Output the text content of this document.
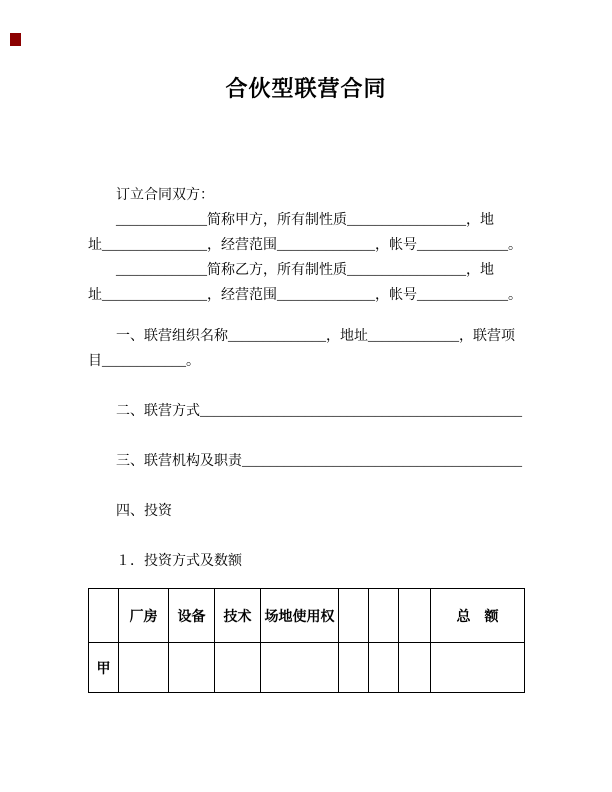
合伙型联营合同
订立合同双方：
_____________简称甲方，所有制性质_________________，地
址_______________，经营范围______________，帐号_____________。
_____________简称乙方，所有制性质_________________，地
址_______________，经营范围______________，帐号_____________。
一、联营组织名称______________，地址_____________，联营项
目____________。
二、联营方式______________________________________________
三、联营机构及职责________________________________________
四、投资
１．投资方式及数额
	厂房	设备	技术	场地使用权				总　额
甲								
